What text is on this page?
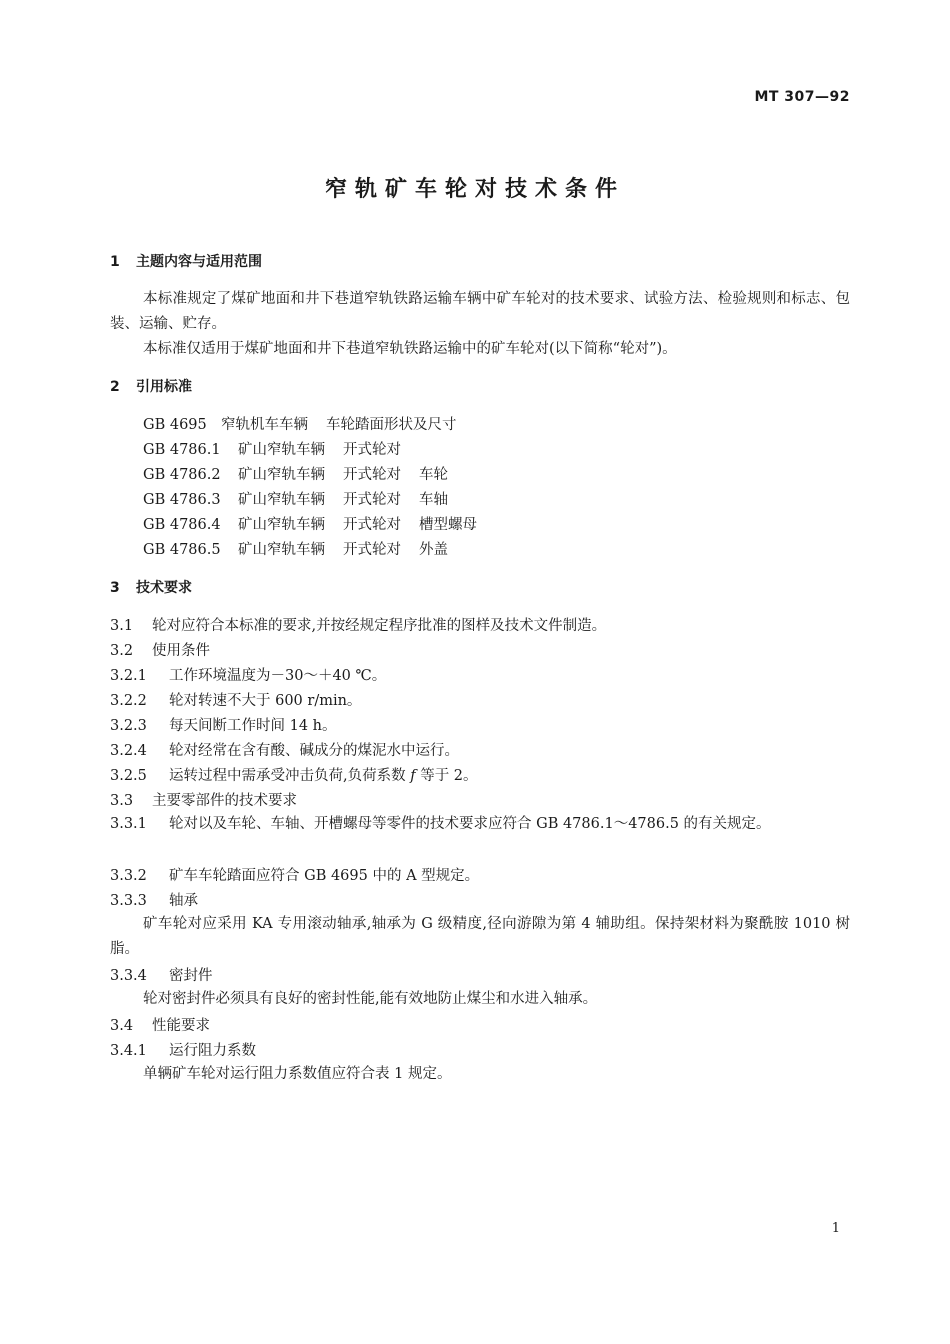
MT 307—92
窄轨矿车轮对技术条件
1 主题内容与适用范围
本标准规定了煤矿地面和井下巷道窄轨铁路运输车辆中矿车轮对的技术要求、试验方法、检验规则和标志、包装、运输、贮存。
本标准仅适用于煤矿地面和井下巷道窄轨铁路运输中的矿车轮对(以下简称“轮对”)。
2 引用标准
GB 4695 窄轨机车车辆 车轮踏面形状及尺寸
GB 4786.1 矿山窄轨车辆 开式轮对
GB 4786.2 矿山窄轨车辆 开式轮对 车轮
GB 4786.3 矿山窄轨车辆 开式轮对 车轴
GB 4786.4 矿山窄轨车辆 开式轮对 槽型螺母
GB 4786.5 矿山窄轨车辆 开式轮对 外盖
3 技术要求
3.1 轮对应符合本标准的要求,并按经规定程序批准的图样及技术文件制造。
3.2 使用条件
3.2.1 工作环境温度为－30～＋40 ℃。
3.2.2 轮对转速不大于 600 r/min。
3.2.3 每天间断工作时间 14 h。
3.2.4 轮对经常在含有酸、碱成分的煤泥水中运行。
3.2.5 运转过程中需承受冲击负荷,负荷系数 f 等于 2。
3.3 主要零部件的技术要求
3.3.1 轮对以及车轮、车轴、开槽螺母等零件的技术要求应符合 GB 4786.1～4786.5 的有关规定。
3.3.2 矿车车轮踏面应符合 GB 4695 中的 A 型规定。
3.3.3 轴承
矿车轮对应采用 KA 专用滚动轴承,轴承为 G 级精度,径向游隙为第 4 辅助组。保持架材料为聚酰胺 1010 树脂。
3.3.4 密封件
轮对密封件必须具有良好的密封性能,能有效地防止煤尘和水进入轴承。
3.4 性能要求
3.4.1 运行阻力系数
单辆矿车轮对运行阻力系数值应符合表 1 规定。
1
